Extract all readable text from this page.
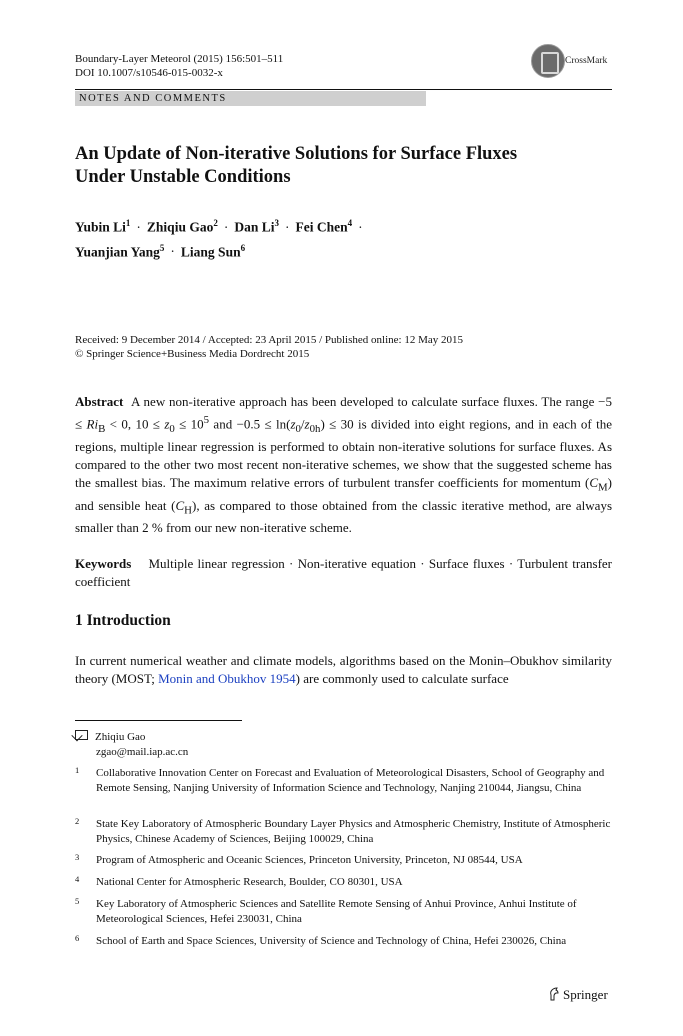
Boundary-Layer Meteorol (2015) 156:501–511
DOI 10.1007/s10546-015-0032-x
CrossMark
NOTES AND COMMENTS
An Update of Non-iterative Solutions for Surface Fluxes
Under Unstable Conditions
Yubin $Li^1$ · Zhiqiu Gao$^2$ · Dan $Li^3$ · Fei Chen$^4$ ·
Yuanjian Yang$^5$ · Liang Sun$^6$
Received: 9 December 2014 / Accepted: 23 April 2015 / Published online: 12 May 2015
© Springer Science+Business Media Dordrecht 2015
Abstract A new non-iterative approach has been developed to calculate surface fluxes. The range $-5 \le Ri_B < 0$, $10 \le z_0 \le 10^5$ and $-0.5 \le \ln(z_0/z_{0h}) \le 30$ is divided into eight regions, and in each of the regions, multiple linear regression is performed to obtain non-iterative solutions for surface fluxes. As compared to the other two most recent non-iterative schemes, we show that the suggested scheme has the smallest bias. The maximum relative errors of turbulent transfer coefficients for momentum $(C_M)$ and sensible heat $(C_H)$, as compared to those obtained from the classic iterative method, are always smaller than 2 % from our new non-iterative scheme.
Keywords Multiple linear regression · Non-iterative equation · Surface fluxes · Turbulent transfer coefficient
1 Introduction
In current numerical weather and climate models, algorithms based on the Monin–Obukhov similarity theory (MOST; Monin and Obukhov 1954) are commonly used to calculate surface
Zhiqiu Gao
zgao@mail.iap.ac.cn
1 Collaborative Innovation Center on Forecast and Evaluation of Meteorological Disasters, School of Geography and Remote Sensing, Nanjing University of Information Science and Technology, Nanjing 210044, Jiangsu, China
2 State Key Laboratory of Atmospheric Boundary Layer Physics and Atmospheric Chemistry, Institute of Atmospheric Physics, Chinese Academy of Sciences, Beijing 100029, China
3 Program of Atmospheric and Oceanic Sciences, Princeton University, Princeton, NJ 08544, USA
4 National Center for Atmospheric Research, Boulder, CO 80301, USA
5 Key Laboratory of Atmospheric Sciences and Satellite Remote Sensing of Anhui Province, Anhui Institute of Meteorological Sciences, Hefei 230031, China
6 School of Earth and Space Sciences, University of Science and Technology of China, Hefei 230026, China
Springer
